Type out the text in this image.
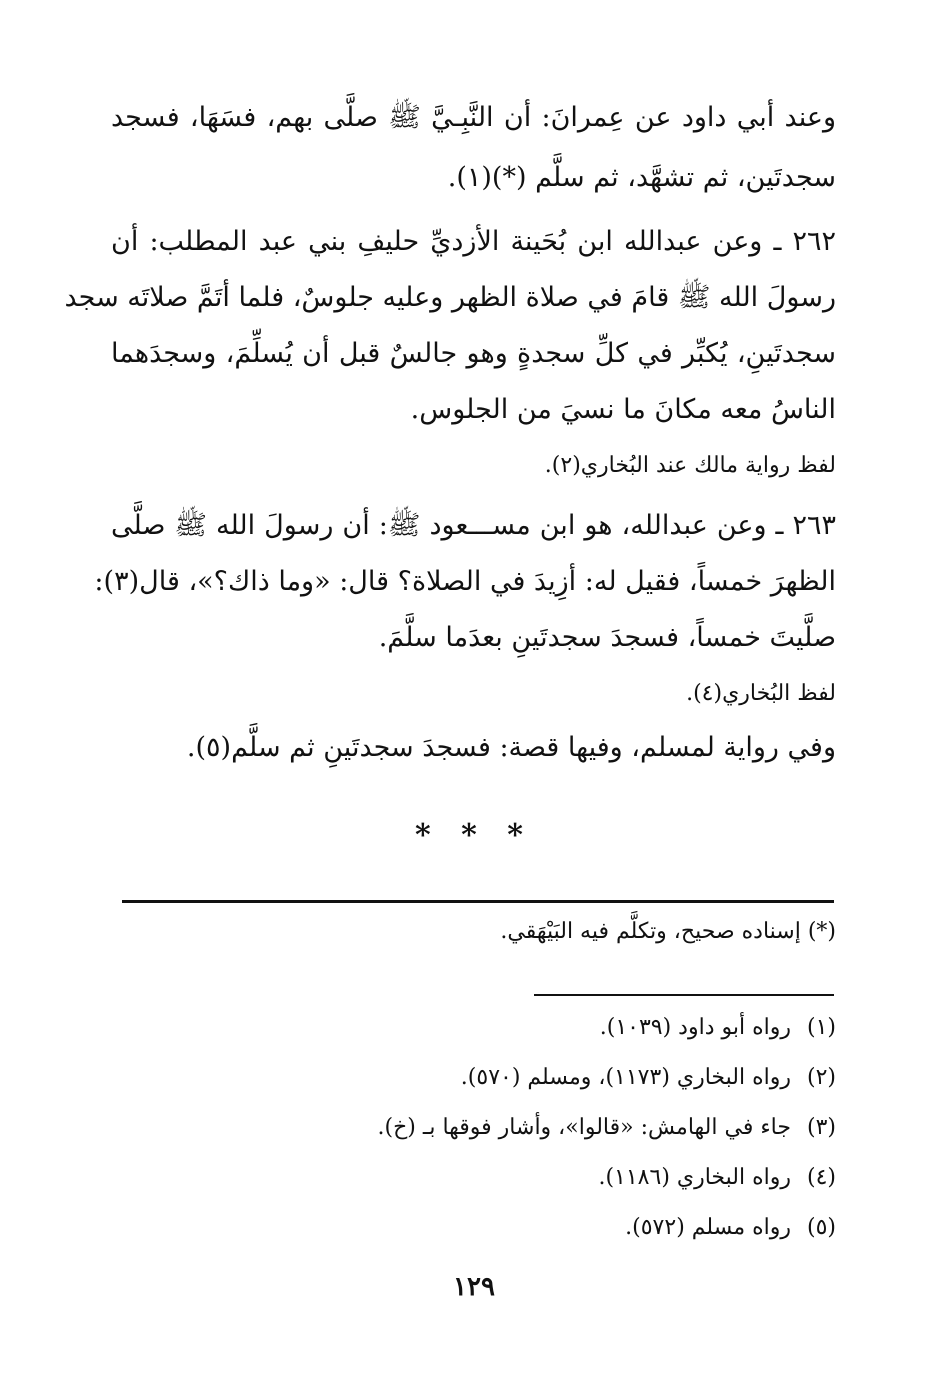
وعند أبي داود عن عِمرانَ: أن النَّبِـيَّ ﷺ صلَّى بهم، فسَهَا، فسجد
سجدتَين، ثم تشهَّد، ثم سلَّم (*)(١).
٢٦٢ ـ وعن عبدالله ابن بُحَينة الأزديِّ حليفِ بني عبد المطلب: أن
رسولَ الله ﷺ قامَ في صلاة الظهر وعليه جلوسٌ، فلما أتَمَّ صلاتَه سجد
سجدتَينِ، يُكبِّر في كلِّ سجدةٍ وهو جالسٌ قبل أن يُسلِّمَ، وسجدَهما
الناسُ معه مكانَ ما نسيَ من الجلوس.
لفظ رواية مالك عند البُخاري(٢).
٢٦٣ ـ وعن عبدالله، هو ابن مســـعود ﷺ: أن رسولَ الله ﷺ صلَّى
الظهرَ خمساً، فقيل له: أزِيدَ في الصلاة؟ قال: «وما ذاك؟»، قال(٣):
صلَّيتَ خمساً، فسجدَ سجدتَينِ بعدَما سلَّمَ.
لفظ البُخاري(٤).
وفي رواية لمسلم، وفيها قصة: فسجدَ سجدتَينِ ثم سلَّم(٥).
* * *
(*) إسناده صحيح، وتكلَّم فيه البَيْهَقي.
(١)رواه أبو داود (١٠٣٩).
(٢)رواه البخاري (١١٧٣)، ومسلم (٥٧٠).
(٣)جاء في الهامش: «قالوا»، وأشار فوقها بـ (خ).
(٤)رواه البخاري (١١٨٦).
(٥)رواه مسلم (٥٧٢).
١٢٩
